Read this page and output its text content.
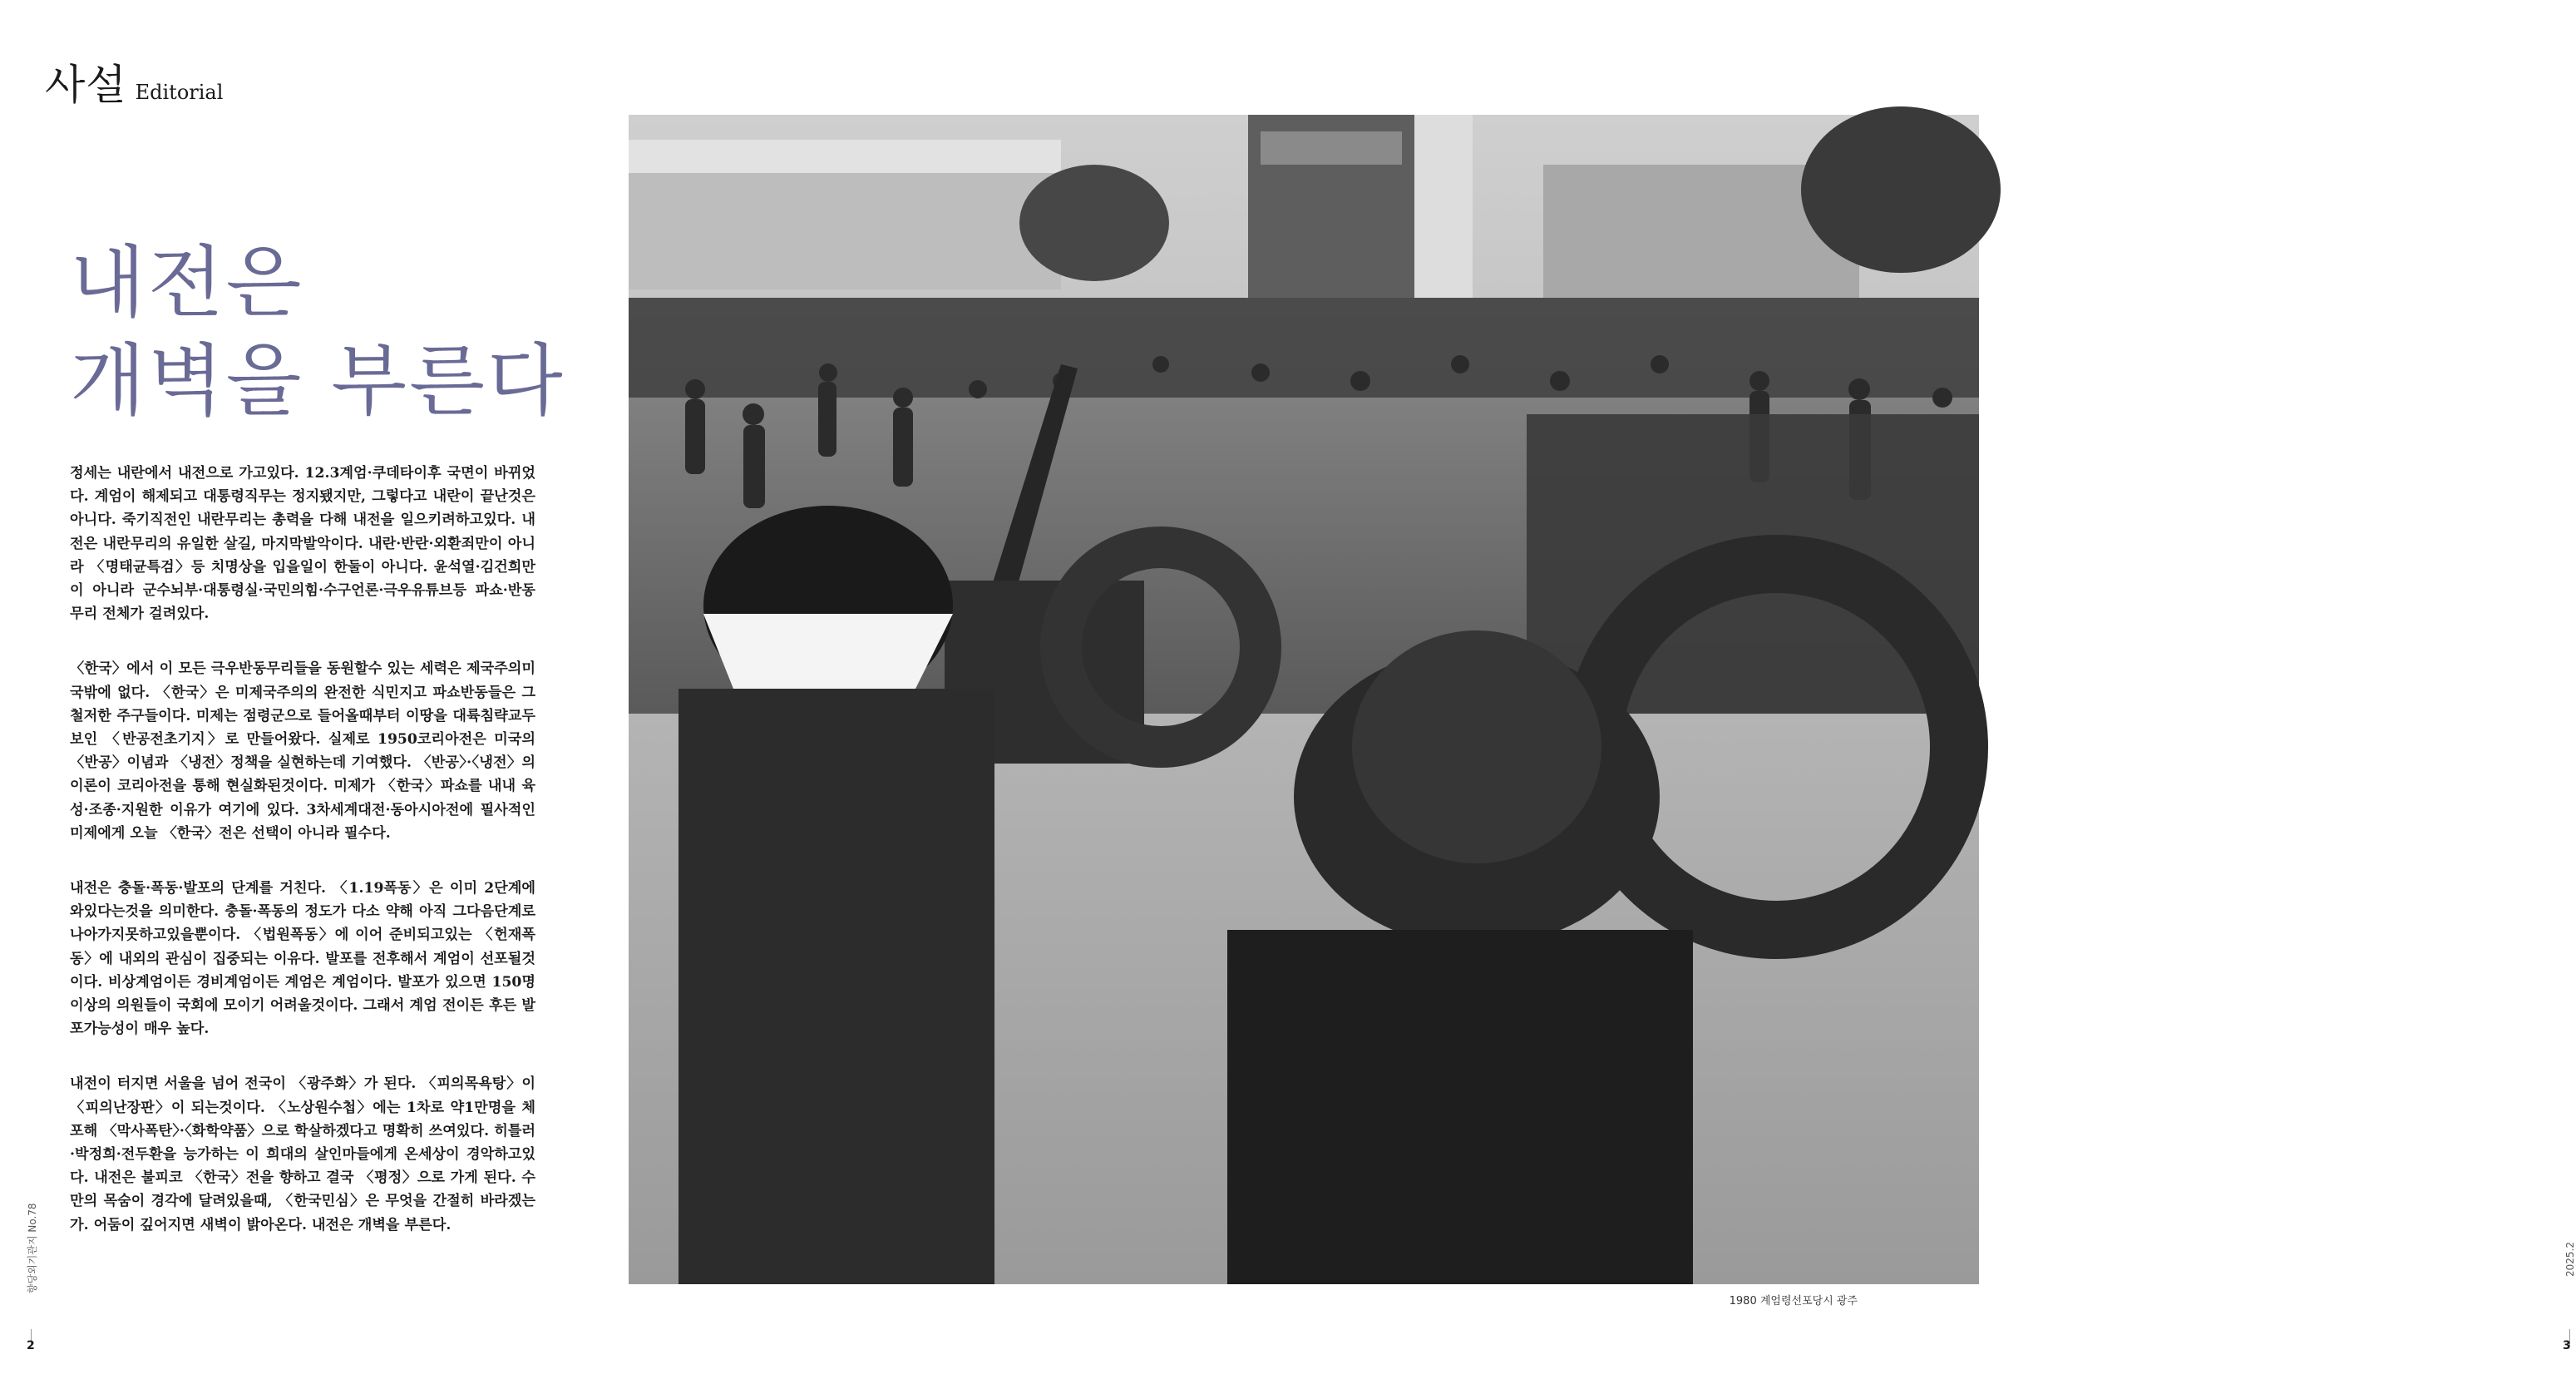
사설 Editorial
내전은
개벽을 부른다

정세는 내란에서 내전으로 가고있다. 12.3계엄·쿠데타이후 국면이 바뀌었다. 계엄이 해제되고 대통령직무는 정지됐지만, 그렇다고 내란이 끝난것은 아니다. 죽기직전인 내란무리는 총력을 다해 내전을 일으키려하고있다. 내전은 내란무리의 유일한 살길, 마지막발악이다. 내란·반란·외환죄만이 아니라 〈명태균특검〉등 치명상을 입을일이 한둘이 아니다. 윤석열·김건희만이 아니라 군수뇌부·대통령실·국민의힘·수구언론·극우유튜브등 파쇼·반동무리 전체가 걸려있다.

〈한국〉에서 이 모든 극우반동무리들을 동원할수 있는 세력은 제국주의미국밖에 없다. 〈한국〉은 미제국주의의 완전한 식민지고 파쇼반동들은 그 철저한 주구들이다. 미제는 점령군으로 들어올때부터 이땅을 대륙침략교두보인 〈반공전초기지〉로 만들어왔다. 실제로 1950코리아전은 미국의 〈반공〉이념과 〈냉전〉정책을 실현하는데 기여했다. 〈반공〉·〈냉전〉의 이론이 코리아전을 통해 현실화된것이다. 미제가 〈한국〉파쇼를 내내 육성·조종·지원한 이유가 여기에 있다. 3차세계대전·동아시아전에 필사적인 미제에게 오늘 〈한국〉전은 선택이 아니라 필수다.

내전은 충돌·폭동·발포의 단계를 거친다. 〈1.19폭동〉은 이미 2단계에 와있다는것을 의미한다. 충돌·폭동의 정도가 다소 약해 아직 그다음단계로 나아가지못하고있을뿐이다. 〈법원폭동〉에 이어 준비되고있는 〈헌재폭동〉에 내외의 관심이 집중되는 이유다. 발포를 전후해서 계엄이 선포될것이다. 비상계엄이든 경비계엄이든 계엄은 계엄이다. 발포가 있으면 150명이상의 의원들이 국회에 모이기 어려울것이다. 그래서 계엄 전이든 후든 발포가능성이 매우 높다.

내전이 터지면 서울을 넘어 전국이 〈광주화〉가 된다. 〈피의목욕탕〉이 〈피의난장판〉이 되는것이다. 〈노상원수첩〉에는 1차로 약1만명을 체포해 〈막사폭탄〉·〈화학약품〉으로 학살하겠다고 명확히 쓰여있다. 히틀러·박정희·전두환을 능가하는 이 희대의 살인마들에게 온세상이 경악하고있다. 내전은 불피코 〈한국〉전을 향하고 결국 〈평정〉으로 가게 된다. 수만의 목숨이 경각에 달려있을때, 〈한국민심〉은 무엇을 간절히 바라겠는가. 어둠이 깊어지면 새벽이 밝아온다. 내전은 개벽을 부른다.

향당외기관지 No.78
2
1980 계엄령선포당시 광주
2025.2
3
